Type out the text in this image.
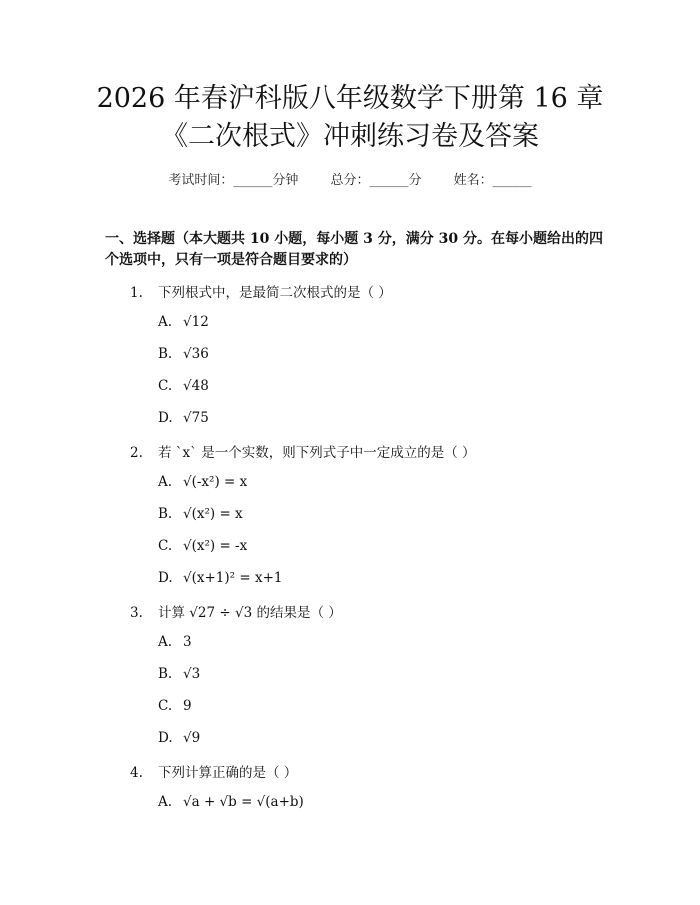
2026 年春沪科版八年级数学下册第 16 章
《二次根式》冲刺练习卷及答案
考试时间：______分钟 总分：______分 姓名：______
一、选择题（本大题共 10 小题，每小题 3 分，满分 30 分。在每小题给出的四个选项中，只有一项是符合题目要求的）
1. 下列根式中，是最简二次根式的是（ ）
A. √12
B. √36
C. √48
D. √75
2. 若 `x` 是一个实数，则下列式子中一定成立的是（ ）
A. √(-x²) = x
B. √(x²) = x
C. √(x²) = -x
D. √(x+1)² = x+1
3. 计算 √27 ÷ √3 的结果是（ ）
A. 3
B. √3
C. 9
D. √9
4. 下列计算正确的是（ ）
A. √a + √b = √(a+b)
